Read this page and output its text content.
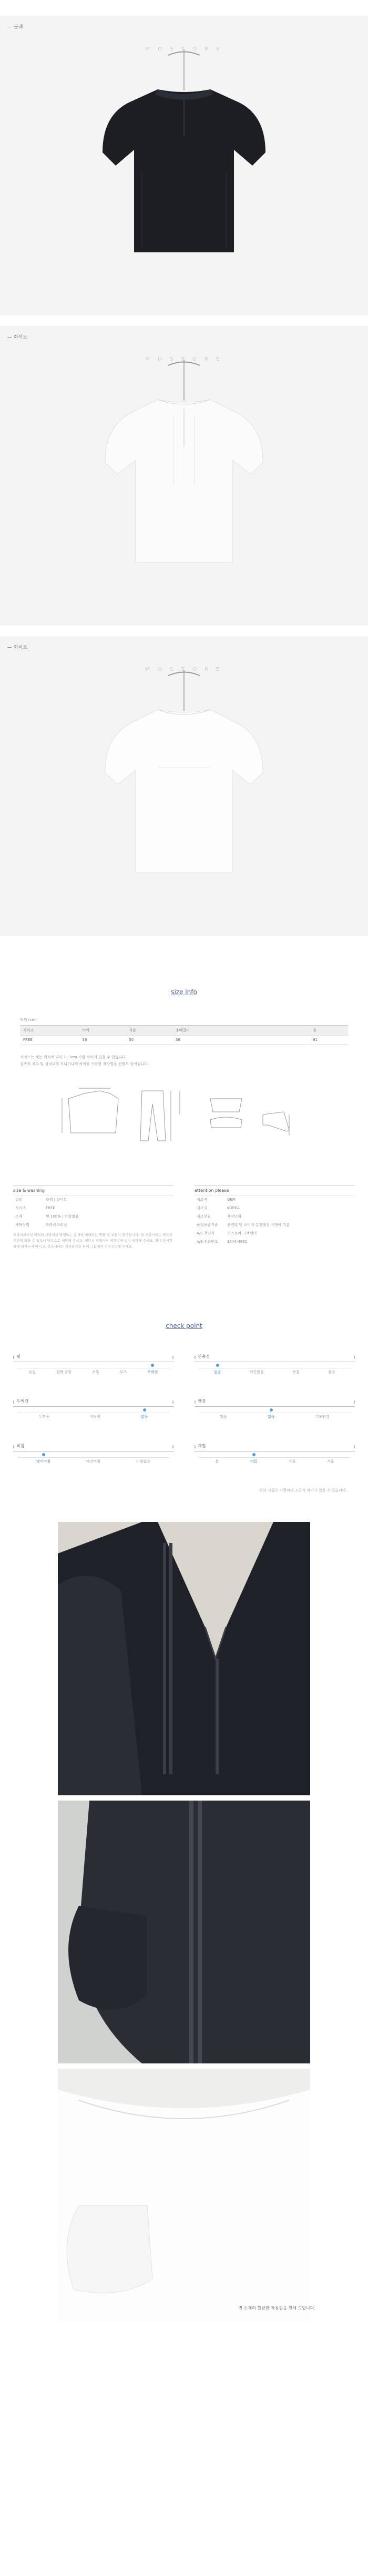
블랙
M O S T O R E
화이트
M O S T O R E
화이트
M O S T O R E
size info
단위 (cm)
사이즈	어깨	가슴	소매길이				총
FREE	36	50	36				81
사이즈는 재는 위치에 따라 1~3cm 가량 차이가 있을 수 있습니다.
실측의 치수 및 설치로의 모니터나의 차이를 사용한 착상법을 전했으 를이립니다.
size & washing
컬러	블랙 | 화이트
사이즈	FREE
소재	면 100% | 안감없음
세탁방법	드라이크리닝
드라이크리닝 이외의 세탁에서 발생하는 문제에 대해서는 반품 및 교환이 불가합니다. 첫 세탁시에는 반드시 이염이 있을 수 있으니 단독으로 세탁해 주시고, 세탁시 뒤집어서 세탁망에 넣어 세탁해 주세요. 절대 장시간 물에 담가두지 마시고, 건조시에는 직사광선을 피해 그늘에서 자연건조해 주세요.
attention please
제조자	OEM
제조국	KOREA
제조년월	제작년월
품질보증기준	관련법 및 소비자 분쟁해결 규정에 따름
A/S 책임자	모스토어 고객센터
A/S 전화번호	1544-4981
check point
핏
슬림	살짝 슬림	보통	루즈	오버핏
신축성
없음	약간있음	보통	좋음
두께감
두꺼움	적당함	얇음
안감
있음	없음	기모안감
비침
많이비침	약간비침	비침없음
계절
봄	여름	가을	겨울
위의 사항은 사람마다 조금씩 차이가 있을 수 있습니다.
면 소재의 깔끔한 착용감을 전해 드립니다.
